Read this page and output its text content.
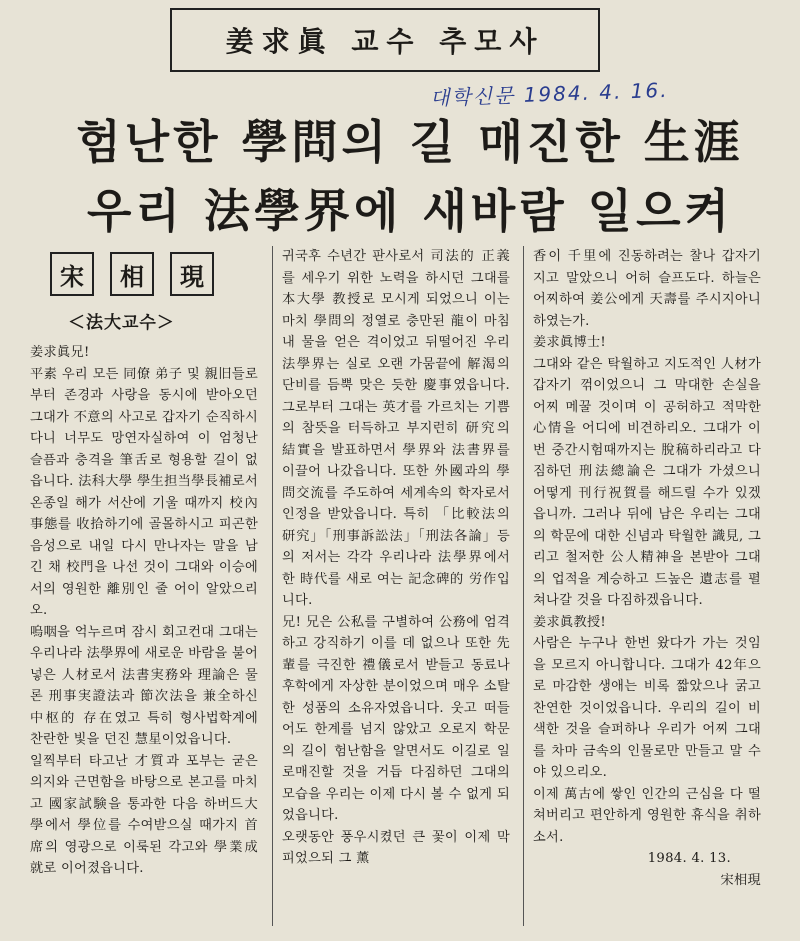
姜求眞 교수 추모사
대학신문 1984. 4. 16.
험난한 學問의 길 매진한 生涯
우리 法學界에 새바람 일으켜
宋	相	現
＜法大교수＞

姜求眞兄!

平素 우리 모든 同僚 弟子 및 親旧들로부터 존경과 사랑을 동시에 받아오던 그대가 不意의 사고로 갑자기 순직하시다니 너무도 망연자실하여 이 엄청난 슬픔과 충격을 筆舌로 형용할 길이 없읍니다. 法科大學 學生担当學長補로서 온종일 해가 서산에 기울 때까지 校內事態를 收拾하기에 골몰하시고 피곤한 음성으로 내일 다시 만나자는 말을 남긴 채 校門을 나선 것이 그대와 이승에서의 영원한 離別인 줄 어이 알았으리오.

嗚咽을 억누르며 잠시 회고컨대 그대는 우리나라 法學界에 새로운 바람을 불어넣은 人材로서 法書実務와 理論은 물론 刑事実證法과 節次法을 兼全하신 中枢的 存在였고 특히 형사법학계에 찬란한 빛을 던진 慧星이었읍니다.

일찍부터 타고난 才質과 포부는 굳은 의지와 근면함을 바탕으로 본고를 마치고 國家試験을 통과한 다음 하버드大學에서 學位를 수여받으실 때가지 首席의 영광으로 이룩된 각고와 學業成就로 이어졌읍니다.

귀국후 수년간 판사로서 司法的 正義를 세우기 위한 노력을 하시던 그대를 本大學 教授로 모시게 되었으니 이는 마치 學問의 정열로 충만된 龍이 마침내 물을 얻은 격이었고 뒤떨어진 우리 法學界는 실로 오랜 가뭄끝에 解渴의 단비를 듬뿍 맞은 듯한 慶事였읍니다. 그로부터 그대는 英才를 가르치는 기쁨의 참뜻을 터득하고 부지런히 研究의 結實을 발표하면서 學界와 法書界를 이끌어 나갔읍니다. 또한 外國과의 學問交流를 주도하여 세계속의 학자로서 인정을 받았읍니다. 특히 「比較法의 研究」「刑事訴訟法」「刑法各論」등의 저서는 각각 우리나라 法學界에서 한 時代를 새로 여는 記念碑的 労作입니다.

兄! 兄은 公私를 구별하여 公務에 엄격하고 강직하기 이를 데 없으나 또한 先輩를 극진한 禮儀로서 받들고 동료나 후학에게 자상한 분이었으며 매우 소탈한 성품의 소유자였읍니다. 웃고 떠들어도 한계를 넘지 않았고 오로지 학문의 길이 험난함을 알면서도 이길로 일로매진할 것을 거듭 다짐하던 그대의 모습을 우리는 이제 다시 볼 수 없게 되었읍니다.

오랫동안 풍우시켰던 큰 꽃이 이제 막 피었으되 그 薰

香이 千里에 진동하려는 찰나 갑자기 지고 말았으니 어허 슬프도다. 하늘은 어찌하여 姜公에게 天壽를 주시지아니하였는가.

姜求眞博士!

그대와 같은 탁월하고 지도적인 人材가 갑자기 꺾이었으니 그 막대한 손실을 어찌 메꿀 것이며 이 공허하고 적막한 心情을 어디에 비견하리오. 그대가 이번 중간시험때까지는 脫稿하리라고 다짐하던 刑法總論은 그대가 가셨으니 어떻게 刊行祝賀를 해드릴 수가 있겠읍니까. 그러나 뒤에 남은 우리는 그대의 학문에 대한 신념과 탁월한 識見, 그리고 철저한 公人精神을 본받아 그대의 업적을 계승하고 드높은 遺志를 펼쳐나갈 것을 다짐하겠읍니다.

姜求眞教授!

사람은 누구나 한번 왔다가 가는 것임을 모르지 아니합니다. 그대가 42年으로 마감한 생애는 비록 짧았으나 굵고 찬연한 것이었읍니다. 우리의 길이 비색한 것을 슬퍼하나 우리가 어찌 그대를 차마 금속의 인물로만 만들고 말 수야 있으리오.

이제 萬古에 쌓인 인간의 근심을 다 떨쳐버리고 편안하게 영원한 휴식을 취하소서.

1984. 4. 13.

宋相現
